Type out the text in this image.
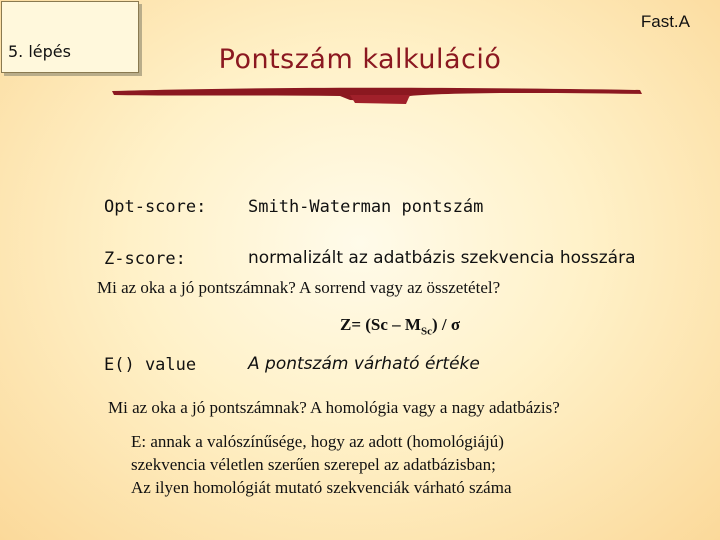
5. lépés
Fast.A
Pontszám kalkuláció
Opt-score: Smith-Waterman pontszám
Z-score:	normalizált az adatbázis szekvencia hosszára
Mi az oka a jó pontszámnak? A sorrend vagy az összetétel?
$Z= (Sc - M_{Sc}) / \sigma$
E() value	A pontszám várható értéke
Mi az oka a jó pontszámnak? A homológia vagy a nagy adatbázis?
E: annak a valószínűsége, hogy az adott (homológiájú)
szekvencia véletlen szerűen szerepel az adatbázisban;
Az ilyen homológiát mutató szekvenciák várható száma
